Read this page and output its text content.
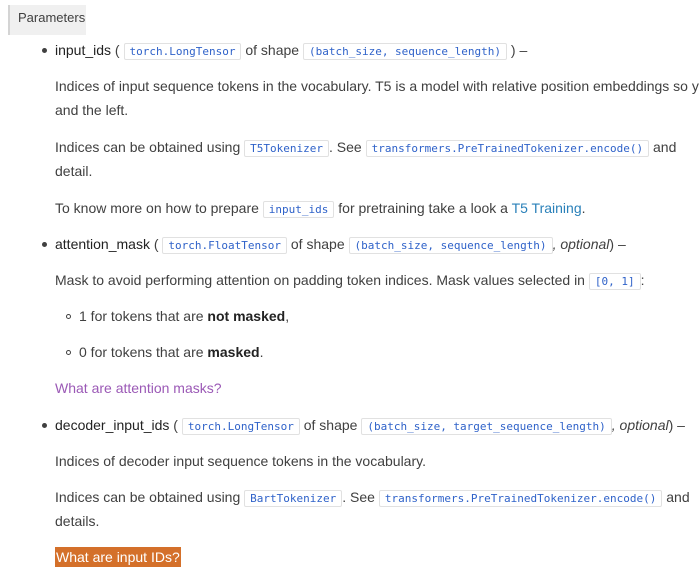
Parameters
input_ids ( torch.LongTensor of shape (batch_size, sequence_length) ) –
Indices of input sequence tokens in the vocabulary. T5 is a model with relative position embeddings so y
and the left.
Indices can be obtained using T5Tokenizer . See transformers.PreTrainedTokenizer.encode() and
detail.
To know more on how to prepare input_ids for pretraining take a look a T5 Training.
attention_mask ( torch.FloatTensor of shape (batch_size, sequence_length) , optional) –
Mask to avoid performing attention on padding token indices. Mask values selected in [0, 1] :
1 for tokens that are not masked,
0 for tokens that are masked.
What are attention masks?
decoder_input_ids ( torch.LongTensor of shape (batch_size, target_sequence_length) , optional) –
Indices of decoder input sequence tokens in the vocabulary.
Indices can be obtained using BartTokenizer . See transformers.PreTrainedTokenizer.encode() and
details.
What are input IDs?
